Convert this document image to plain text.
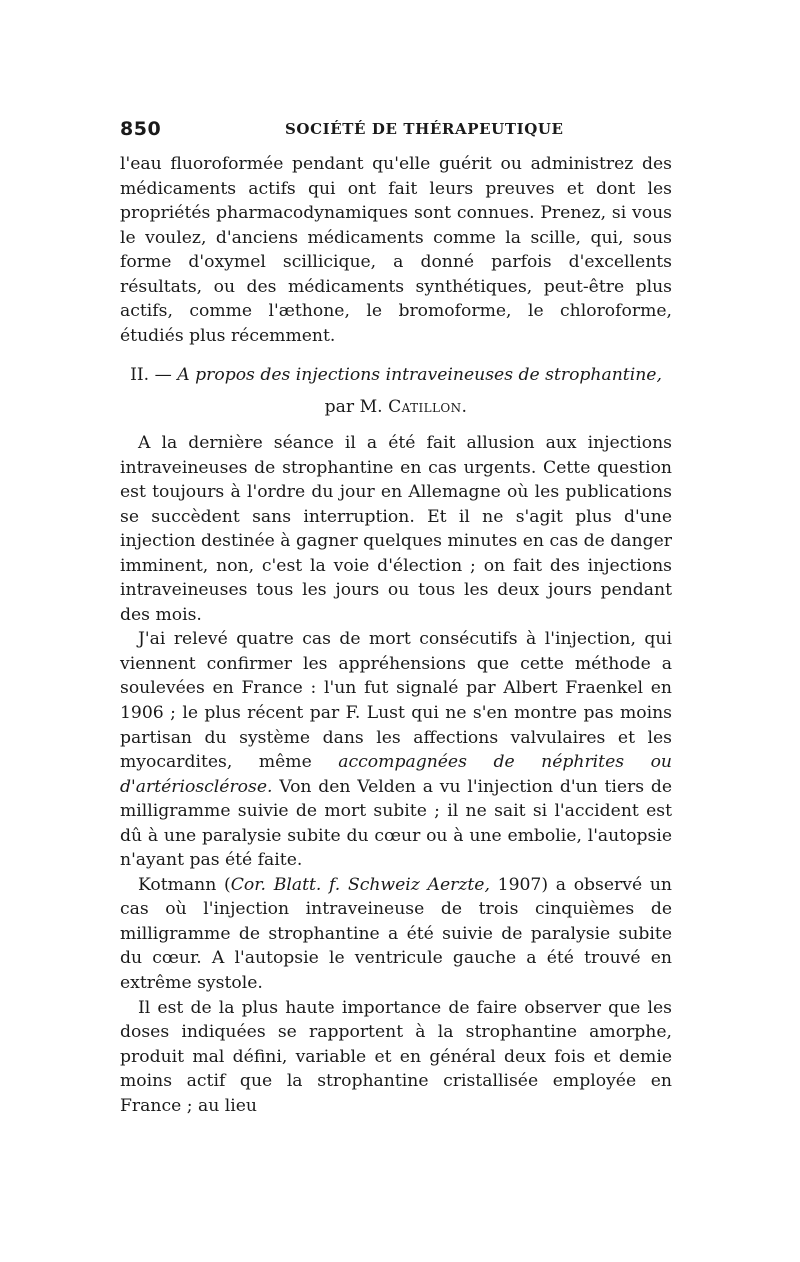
850	SOCIÉTÉ DE THÉRAPEUTIQUE

l'eau fluoroformée pendant qu'elle guérit ou administrez des médicaments actifs qui ont fait leurs preuves et dont les propriétés pharmacodynamiques sont connues. Prenez, si vous le voulez, d'anciens médicaments comme la scille, qui, sous forme d'oxymel scillicique, a donné parfois d'excellents résultats, ou des médicaments synthétiques, peut-être plus actifs, comme l'æthone, le bromoforme, le chloroforme, étudiés plus récemment.

II. — A propos des injections intraveineuses de strophantine,
par M. Catillon.

A la dernière séance il a été fait allusion aux injections intraveineuses de strophantine en cas urgents. Cette question est toujours à l'ordre du jour en Allemagne où les publications se succèdent sans interruption. Et il ne s'agit plus d'une injection destinée à gagner quelques minutes en cas de danger imminent, non, c'est la voie d'élection ; on fait des injections intraveineuses tous les jours ou tous les deux jours pendant des mois.

J'ai relevé quatre cas de mort consécutifs à l'injection, qui viennent confirmer les appréhensions que cette méthode a soulevées en France : l'un fut signalé par Albert Fraenkel en 1906 ; le plus récent par F. Lust qui ne s'en montre pas moins partisan du système dans les affections valvulaires et les myocardites, même accompagnées de néphrites ou d'artériosclérose. Von den Velden a vu l'injection d'un tiers de milligramme suivie de mort subite ; il ne sait si l'accident est dû à une paralysie subite du cœur ou à une embolie, l'autopsie n'ayant pas été faite.

Kotmann (Cor. Blatt. f. Schweiz Aerzte, 1907) a observé un cas où l'injection intraveineuse de trois cinquièmes de milligramme de strophantine a été suivie de paralysie subite du cœur. A l'autopsie le ventricule gauche a été trouvé en extrême systole.

Il est de la plus haute importance de faire observer que les doses indiquées se rapportent à la strophantine amorphe, produit mal défini, variable et en général deux fois et demie moins actif que la strophantine cristallisée employée en France ; au lieu
